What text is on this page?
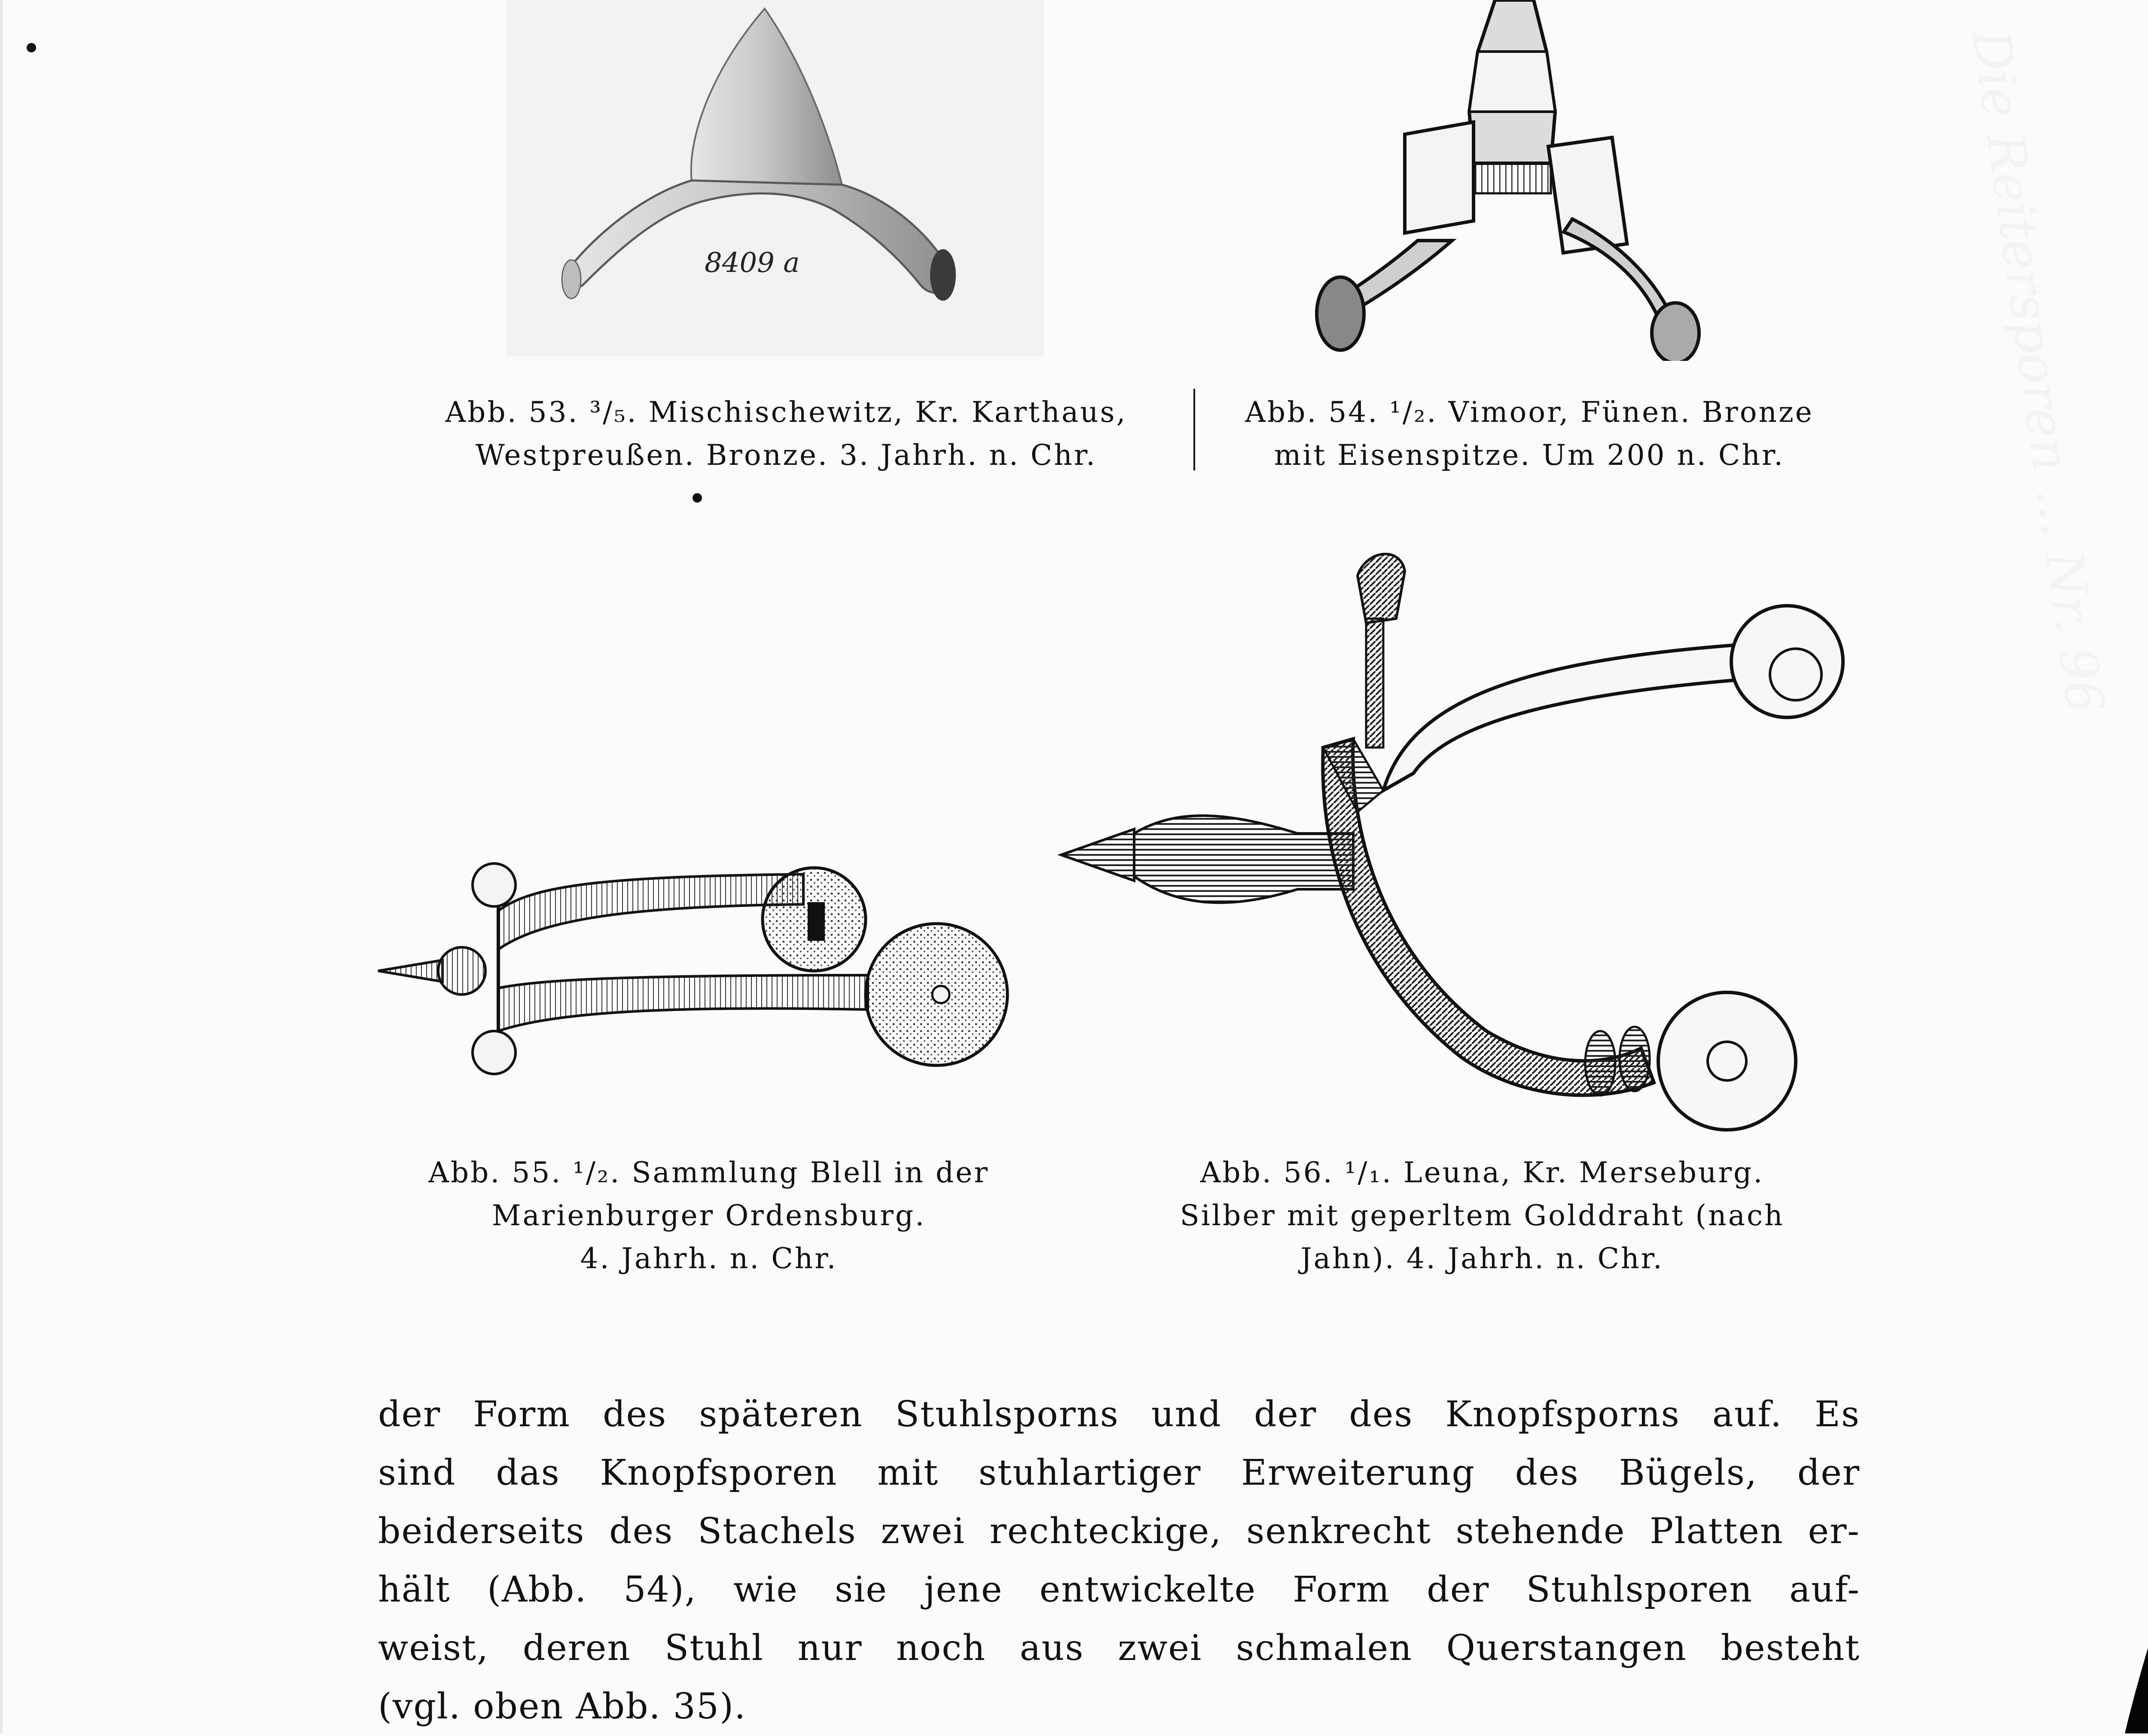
Die Reitersporen ... Nr. 96
8409 a
Abb. 53. ³/₅. Mischischewitz, Kr. Karthaus,
Westpreußen. Bronze. 3. Jahrh. n. Chr.
Abb. 54. ¹/₂. Vimoor, Fünen. Bronze
mit Eisenspitze. Um 200 n. Chr.
Abb. 55. ¹/₂. Sammlung Blell in der
Marienburger Ordensburg.
4. Jahrh. n. Chr.
Abb. 56. ¹/₁. Leuna, Kr. Merseburg.
Silber mit geperltem Golddraht (nach
Jahn). 4. Jahrh. n. Chr.
der Form des späteren Stuhlsporns und der des Knopfsporns auf. Es
sind das Knopfsporen mit stuhlartiger Erweiterung des Bügels, der
beiderseits des Stachels zwei rechteckige, senkrecht stehende Platten er-
hält (Abb. 54), wie sie jene entwickelte Form der Stuhlsporen auf-
weist, deren Stuhl nur noch aus zwei schmalen Querstangen besteht
(vgl. oben Abb. 35).
